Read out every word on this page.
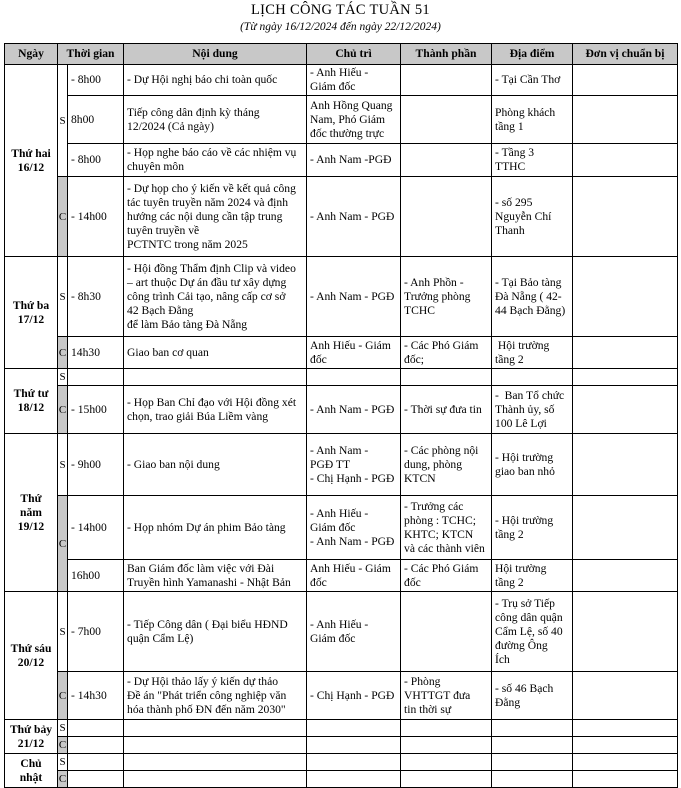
LỊCH CÔNG TÁC TUẦN 51
(Từ ngày 16/12/2024 đến ngày 22/12/2024)
Ngày	Thời gian		Nội dung	Chủ trì	Thành phần	Địa điểm	Đơn vị chuẩn bị

Thứ hai
16/12	S	- 8h00	- Dự Hội nghị báo chi toàn quốc	- Anh Hiếu -
Giám đốc		- Tại Cần Thơ	

		8h00	Tiếp công dân định kỳ tháng
12/2024 (Cả ngày)	Anh Hồng Quang
Nam, Phó Giám
đốc thường trực		Phòng khách
tầng 1	

		- 8h00	- Họp nghe báo cáo về các nhiệm vụ
chuyên môn	- Anh Nam -PGĐ		- Tầng 3
TTHC	

	C	- 14h00	- Dự họp cho ý kiến về kết quả công
tác tuyên truyền năm 2024 và định
hướng các nội dung cần tập trung
tuyên truyền về
PCTNTC trong năm 2025	- Anh Nam - PGĐ		- số 295
Nguyễn Chí
Thanh	

Thứ ba
17/12	S	- 8h30	- Hội đồng Thẩm định Clip và video
– art thuộc Dự án đầu tư xây dựng
công trình Cải tạo, nâng cấp cơ sở
42 Bạch Đằng
để làm Bảo tàng Đà Nẵng	- Anh Nam - PGĐ	- Anh Phồn -
Trưởng phòng
TCHC	- Tại Bảo tàng
Đà Nẵng ( 42-
44 Bạch Đằng)	

	C	14h30	Giao ban cơ quan	Anh Hiếu - Giám
đốc	- Các Phó Giám
đốc;	Hội trường
tầng 2	

Thứ tư
18/12	S						
	C	- 15h00	- Họp Ban Chỉ đạo với Hội đồng xét
chọn, trao giải Búa Liềm vàng	- Anh Nam - PGĐ	- Thời sự đưa tin	-  Ban Tổ chức
Thành ủy, số
100 Lê Lợi	

Thứ
năm
19/12	S	- 9h00	- Giao ban nội dung	- Anh Nam -
PGĐ TT
- Chị Hạnh - PGĐ	- Các phòng nội
dung, phòng
KTCN	- Hội trường
giao ban nhỏ	

	C	- 14h00	- Họp nhóm Dự án phim Bảo tàng	- Anh Hiếu -
Giám đốc
- Anh Nam - PGĐ	- Trưởng các
phòng : TCHC;
KHTC; KTCN
và các thành viên	- Hội trường
tầng 2	

		16h00	Ban Giám đốc làm việc với Đài
Truyền hình Yamanashi - Nhật Bản	Anh Hiếu - Giám
đốc	- Các Phó Giám
đốc	Hội trường
tầng 2	

Thứ sáu
20/12	S	- 7h00	- Tiếp Công dân ( Đại biểu HĐND
quận Cẩm Lệ)	- Anh Hiếu -
Giám đốc		- Trụ sở Tiếp
công dân quận
Cẩm Lệ, số 40
đường Ông
Ích	

	C	- 14h30	- Dự Hội thảo lấy ý kiến dự thảo
Đề án "Phát triển công nghiệp văn
hóa thành phố ĐN đến năm 2030"	- Chị Hạnh - PGĐ	- Phòng
VHTTGT đưa
tin thời sự	- số 46 Bạch
Đằng	

Thứ bảy
21/12	S						
	C						

Chủ
nhật	S						
	C						
